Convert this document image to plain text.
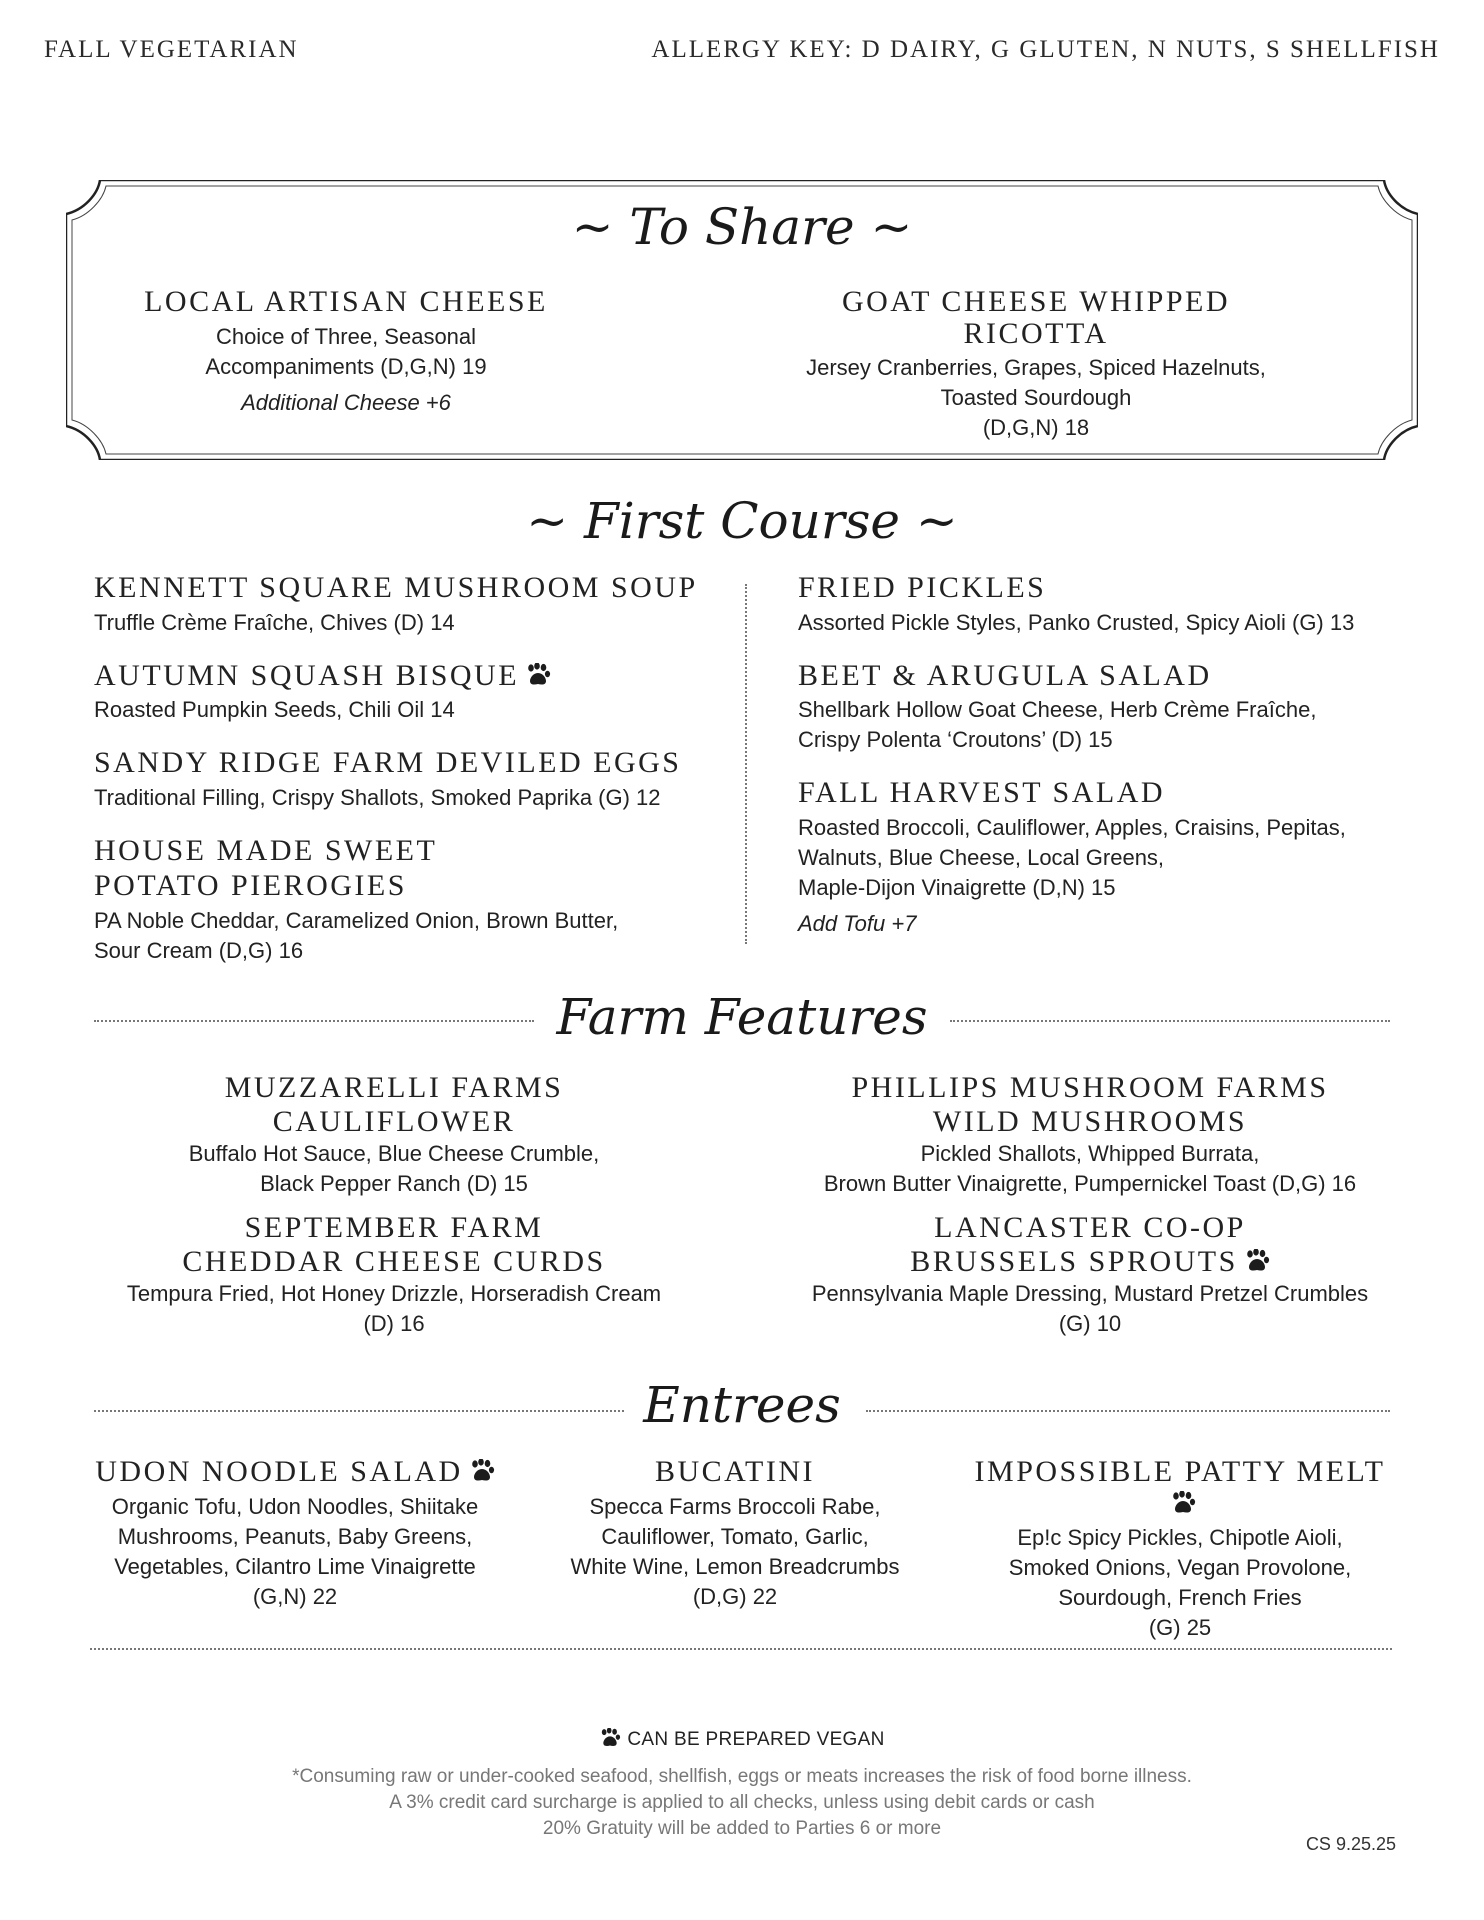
FALL VEGETARIAN	ALLERGY KEY: D DAIRY, G GLUTEN, N NUTS, S SHELLFISH
~ To Share ~
LOCAL ARTISAN CHEESE
Choice of Three, Seasonal
Accompaniments (D,G,N) 19
Additional Cheese +6
GOAT CHEESE WHIPPED RICOTTA
Jersey Cranberries, Grapes, Spiced Hazelnuts,
Toasted Sourdough
(D,G,N) 18
~ First Course ~
KENNETT SQUARE MUSHROOM SOUP
Truffle Crème Fraîche, Chives (D) 14
AUTUMN SQUASH BISQUE
Roasted Pumpkin Seeds, Chili Oil 14
SANDY RIDGE FARM DEVILED EGGS
Traditional Filling, Crispy Shallots, Smoked Paprika (G) 12
HOUSE MADE SWEET
POTATO PIEROGIES
PA Noble Cheddar, Caramelized Onion, Brown Butter,
Sour Cream (D,G) 16
FRIED PICKLES
Assorted Pickle Styles, Panko Crusted, Spicy Aioli (G) 13
BEET & ARUGULA SALAD
Shellbark Hollow Goat Cheese, Herb Crème Fraîche,
Crispy Polenta ‘Croutons’ (D) 15
FALL HARVEST SALAD
Roasted Broccoli, Cauliflower, Apples, Craisins, Pepitas,
Walnuts, Blue Cheese, Local Greens,
Maple-Dijon Vinaigrette (D,N) 15
Add Tofu +7
Farm Features
MUZZARELLI FARMS
CAULIFLOWER
Buffalo Hot Sauce, Blue Cheese Crumble,
Black Pepper Ranch (D) 15
PHILLIPS MUSHROOM FARMS
WILD MUSHROOMS
Pickled Shallots, Whipped Burrata,
Brown Butter Vinaigrette, Pumpernickel Toast (D,G) 16
SEPTEMBER FARM
CHEDDAR CHEESE CURDS
Tempura Fried, Hot Honey Drizzle, Horseradish Cream
(D) 16
LANCASTER CO-OP
BRUSSELS SPROUTS
Pennsylvania Maple Dressing, Mustard Pretzel Crumbles
(G) 10
Entrees
UDON NOODLE SALAD
Organic Tofu, Udon Noodles, Shiitake
Mushrooms, Peanuts, Baby Greens,
Vegetables, Cilantro Lime Vinaigrette
(G,N) 22
BUCATINI
Specca Farms Broccoli Rabe,
Cauliflower, Tomato, Garlic,
White Wine, Lemon Breadcrumbs
(D,G) 22
IMPOSSIBLE PATTY MELT
Ep!c Spicy Pickles, Chipotle Aioli,
Smoked Onions, Vegan Provolone,
Sourdough, French Fries
(G) 25
CAN BE PREPARED VEGAN
*Consuming raw or under-cooked seafood, shellfish, eggs or meats increases the risk of food borne illness.
A 3% credit card surcharge is applied to all checks, unless using debit cards or cash
20% Gratuity will be added to Parties 6 or more
CS 9.25.25
